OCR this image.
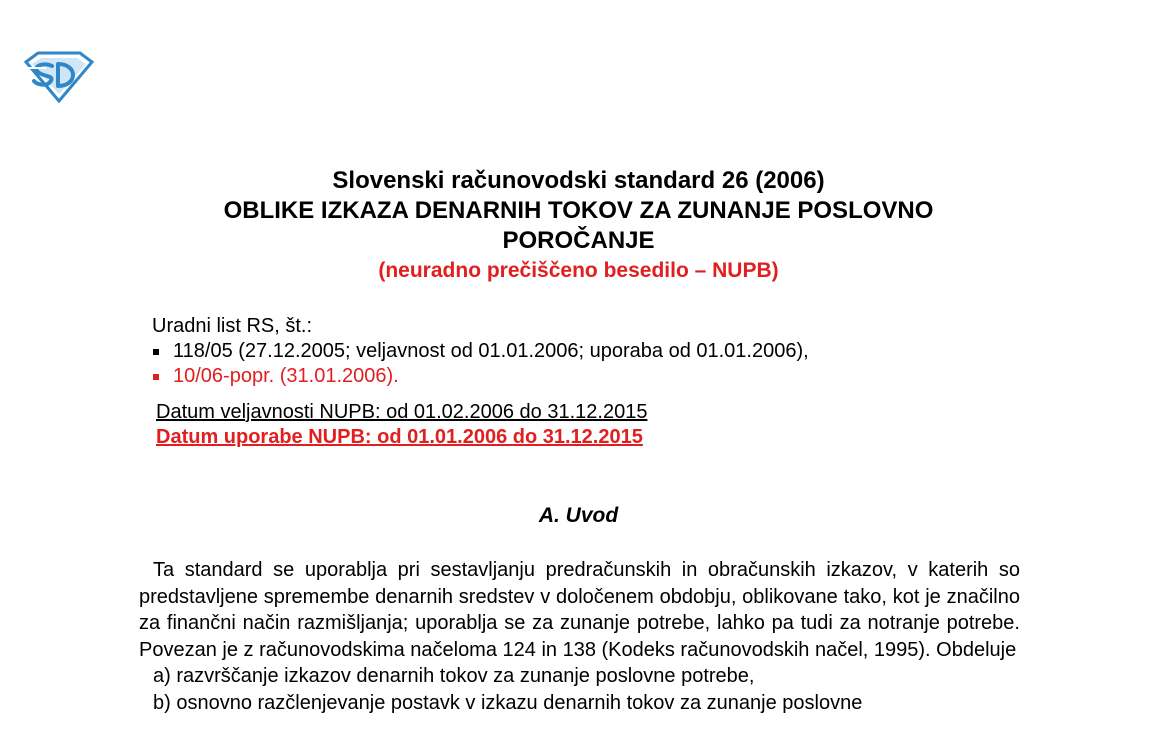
Slovenski računovodski standard 26 (2006)
OBLIKE IZKAZA DENARNIH TOKOV ZA ZUNANJE POSLOVNO
POROČANJE
(neuradno prečiščeno besedilo – NUPB)
Uradni list RS, št.:
118/05 (27.12.2005; veljavnost od 01.01.2006; uporaba od 01.01.2006),
10/06-popr. (31.01.2006).
Datum veljavnosti NUPB: od 01.02.2006 do 31.12.2015
Datum uporabe NUPB: od 01.01.2006 do 31.12.2015
A. Uvod

Ta standard se uporablja pri sestavljanju predračunskih in obračunskih izkazov, v katerih so predstavljene spremembe denarnih sredstev v določenem obdobju, oblikovane tako, kot je značilno za finančni način razmišljanja; uporablja se za zunanje potrebe, lahko pa tudi za notranje potrebe. Povezan je z računovodskima načeloma 124 in 138 (Kodeks računovodskih načel, 1995). Obdeluje

a) razvrščanje izkazov denarnih tokov za zunanje poslovne potrebe,
b) osnovno razčlenjevanje postavk v izkazu denarnih tokov za zunanje poslovne
